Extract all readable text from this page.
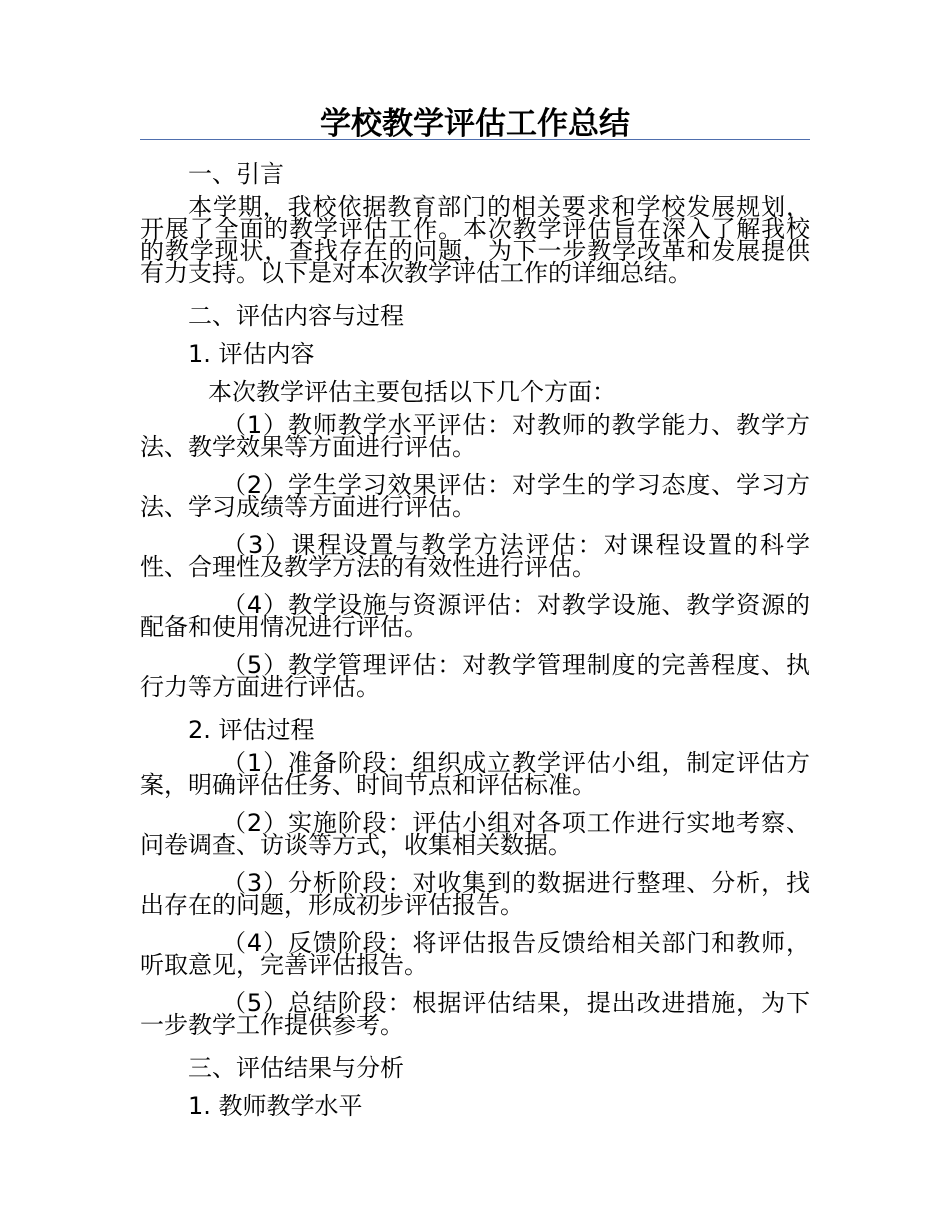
学校教学评估工作总结

一、引言

本学期，我校依据教育部门的相关要求和学校发展规划，开展了全面的教学评估工作。本次教学评估旨在深入了解我校的教学现状，查找存在的问题，为下一步教学改革和发展提供有力支持。以下是对本次教学评估工作的详细总结。

二、评估内容与过程

1. 评估内容

本次教学评估主要包括以下几个方面：

（1）教师教学水平评估：对教师的教学能力、教学方法、教学效果等方面进行评估。

（2）学生学习效果评估：对学生的学习态度、学习方法、学习成绩等方面进行评估。

（3）课程设置与教学方法评估：对课程设置的科学性、合理性及教学方法的有效性进行评估。

（4）教学设施与资源评估：对教学设施、教学资源的配备和使用情况进行评估。

（5）教学管理评估：对教学管理制度的完善程度、执行力等方面进行评估。

2. 评估过程

（1）准备阶段：组织成立教学评估小组，制定评估方案，明确评估任务、时间节点和评估标准。

（2）实施阶段：评估小组对各项工作进行实地考察、问卷调查、访谈等方式，收集相关数据。

（3）分析阶段：对收集到的数据进行整理、分析，找出存在的问题，形成初步评估报告。

（4）反馈阶段：将评估报告反馈给相关部门和教师，听取意见，完善评估报告。

（5）总结阶段：根据评估结果，提出改进措施，为下一步教学工作提供参考。

三、评估结果与分析

1. 教师教学水平
